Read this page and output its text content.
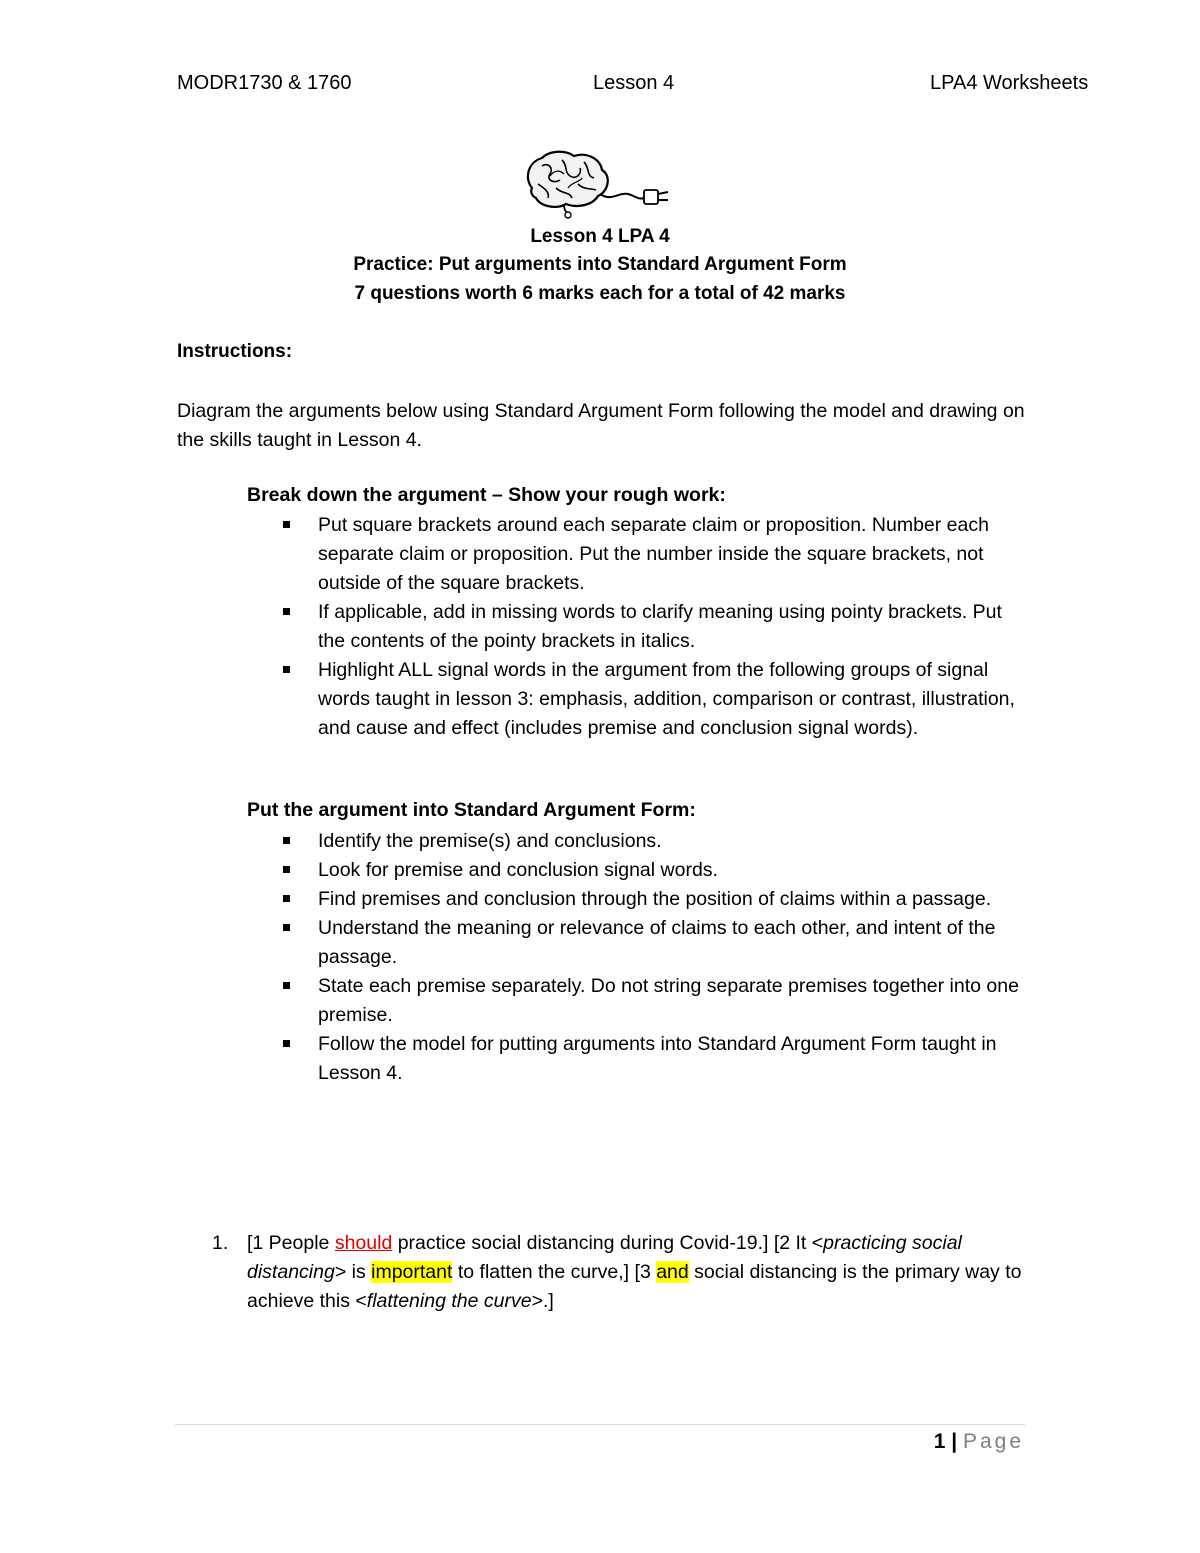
MODR1730 & 1760	Lesson 4	LPA4 Worksheets
Lesson 4 LPA 4
Practice: Put arguments into Standard Argument Form
7 questions worth 6 marks each for a total of 42 marks
Instructions:
Diagram the arguments below using Standard Argument Form following the model and drawing on the skills taught in Lesson 4.
Break down the argument – Show your rough work:
Put square brackets around each separate claim or proposition. Number each separate claim or proposition. Put the number inside the square brackets, not outside of the square brackets.
If applicable, add in missing words to clarify meaning using pointy brackets. Put the contents of the pointy brackets in italics.
Highlight ALL signal words in the argument from the following groups of signal words taught in lesson 3: emphasis, addition, comparison or contrast, illustration, and cause and effect (includes premise and conclusion signal words).
Put the argument into Standard Argument Form:
Identify the premise(s) and conclusions.
Look for premise and conclusion signal words.
Find premises and conclusion through the position of claims within a passage.
Understand the meaning or relevance of claims to each other, and intent of the passage.
State each premise separately. Do not string separate premises together into one premise.
Follow the model for putting arguments into Standard Argument Form taught in Lesson 4.
1. [1 People should practice social distancing during Covid-19.] [2 It <practicing social distancing> is important to flatten the curve,] [3 and social distancing is the primary way to achieve this <flattening the curve>.]
1 | Page
